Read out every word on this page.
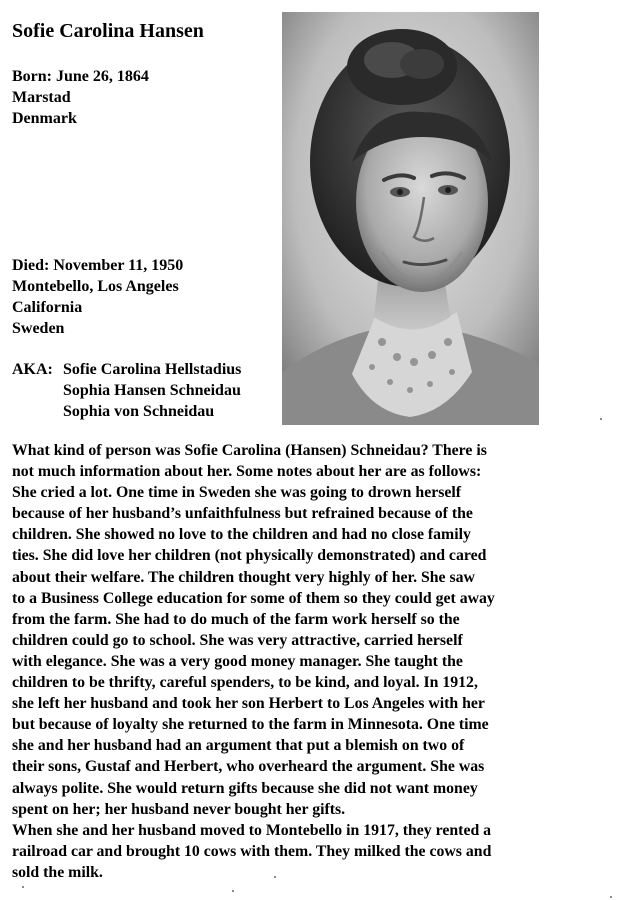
Sofie Carolina Hansen
Born: June 26, 1864
Marstad
Denmark
Died: November 11, 1950
Montebello, Los Angeles
California
Sweden
AKA: Sofie Carolina Hellstadius
Sophia Hansen Schneidau
Sophia von Schneidau
What kind of person was Sofie Carolina (Hansen) Schneidau? There is
not much information about her. Some notes about her are as follows:
She cried a lot. One time in Sweden she was going to drown herself
because of her husband’s unfaithfulness but refrained because of the
children. She showed no love to the children and had no close family
ties. She did love her children (not physically demonstrated) and cared
about their welfare. The children thought very highly of her. She saw
to a Business College education for some of them so they could get away
from the farm. She had to do much of the farm work herself so the
children could go to school. She was very attractive, carried herself
with elegance. She was a very good money manager. She taught the
children to be thrifty, careful spenders, to be kind, and loyal. In 1912,
she left her husband and took her son Herbert to Los Angeles with her
but because of loyalty she returned to the farm in Minnesota. One time
she and her husband had an argument that put a blemish on two of
their sons, Gustaf and Herbert, who overheard the argument. She was
always polite. She would return gifts because she did not want money
spent on her; her husband never bought her gifts.
When she and her husband moved to Montebello in 1917, they rented a
railroad car and brought 10 cows with them. They milked the cows and
sold the milk.
